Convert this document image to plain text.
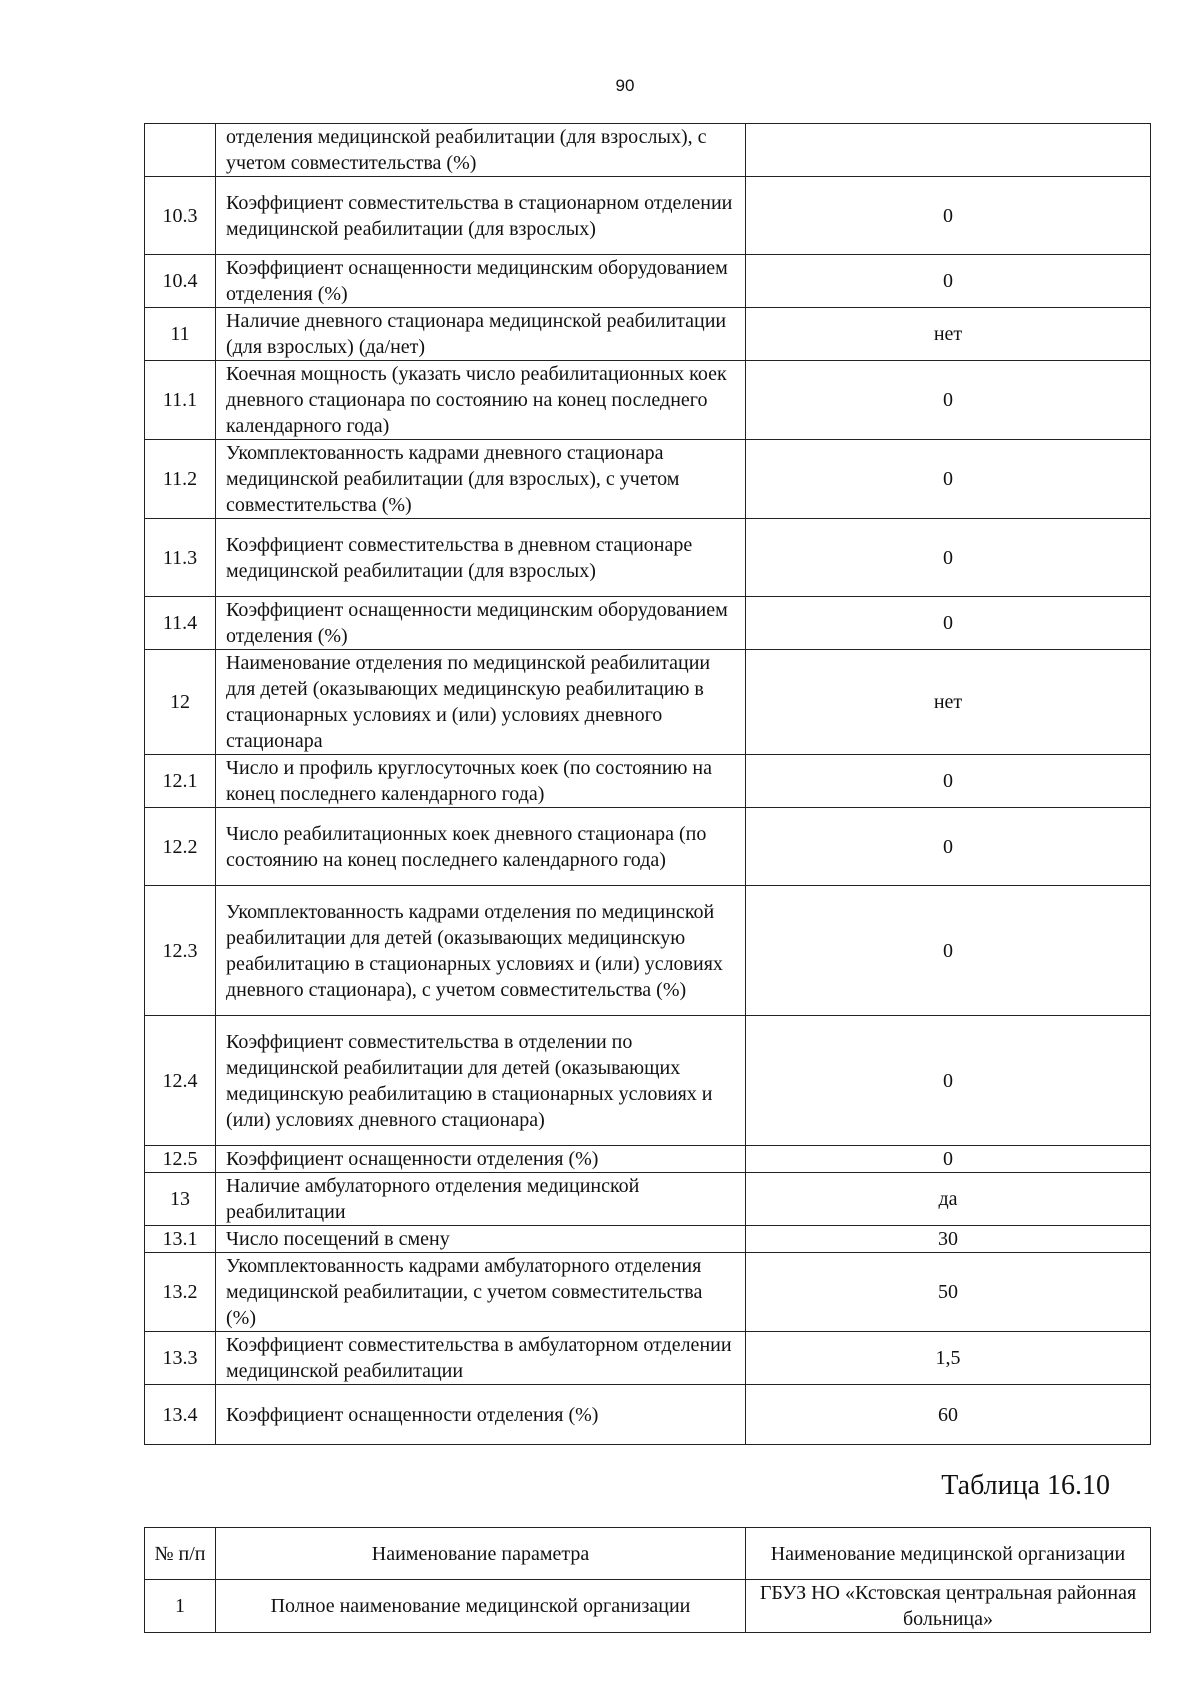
90
	отделения медицинской реабилитации (для взрослых), с учетом совместительства (%)	
10.3	Коэффициент совместительства в стационарном отделении медицинской реабилитации (для взрослых)	0
10.4	Коэффициент оснащенности медицинским оборудованием отделения (%)	0
11	Наличие дневного стационара медицинской реабилитации (для взрослых) (да/нет)	нет
11.1	Коечная мощность (указать число реабилитационных коек дневного стационара по состоянию на конец последнего календарного года)	0
11.2	Укомплектованность кадрами дневного стационара медицинской реабилитации (для взрослых), с учетом совместительства (%)	0
11.3	Коэффициент совместительства в дневном стационаре медицинской реабилитации (для взрослых)	0
11.4	Коэффициент оснащенности медицинским оборудованием отделения (%)	0
12	Наименование отделения по медицинской реабилитации для детей (оказывающих медицинскую реабилитацию в стационарных условиях и (или) условиях дневного стационара	нет
12.1	Число и профиль круглосуточных коек (по состоянию на конец последнего календарного года)	0
12.2	Число реабилитационных коек дневного стационара (по состоянию на конец последнего календарного года)	0
12.3	Укомплектованность кадрами отделения по медицинской реабилитации для детей (оказывающих медицинскую реабилитацию в стационарных условиях и (или) условиях дневного стационара), с учетом совместительства (%)	0
12.4	Коэффициент совместительства в отделении по медицинской реабилитации для детей (оказывающих медицинскую реабилитацию в стационарных условиях и (или) условиях дневного стационара)	0
12.5	Коэффициент оснащенности отделения (%)	0
13	Наличие амбулаторного отделения медицинской реабилитации	да
13.1	Число посещений в смену	30
13.2	Укомплектованность кадрами амбулаторного отделения медицинской реабилитации, с учетом совместительства (%)	50
13.3	Коэффициент совместительства в амбулаторном отделении медицинской реабилитации	1,5
13.4	Коэффициент оснащенности отделения (%)	60
Таблица 16.10
№ п/п	Наименование параметра	Наименование медицинской организации
1	Полное наименование медицинской организации	ГБУЗ НО «Кстовская центральная районная больница»
